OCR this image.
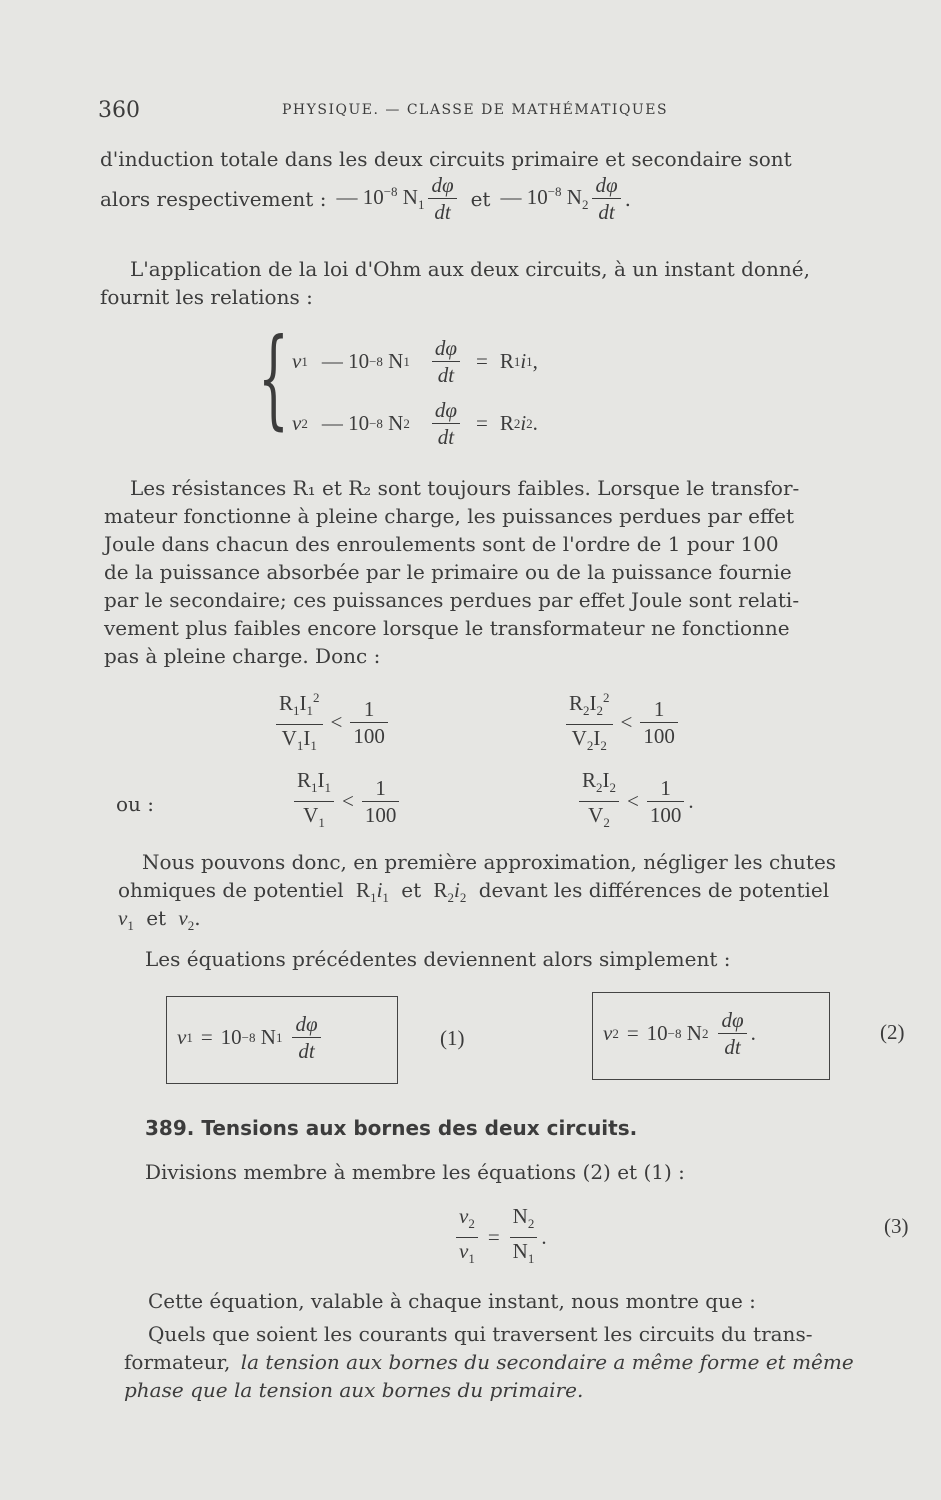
360	PHYSIQUE. — CLASSE DE MATHÉMATIQUES
d'induction totale dans les deux circuits primaire et secondaire sont
alors respectivement : — $10^{-8}$ $N_1 \frac{d\varphi}{dt}$ et — $10^{-8}$ $N_2 \frac{d\varphi}{dt}$ .
L'application de la loi d'Ohm aux deux circuits, à un instant donné,
fournit les relations :
{ v 1 — 10 −8
N $1 \frac{d\varphi}{dt} = R$ 1 i 1 ,
v 2 — 10 −8
N $2 \frac{d\varphi}{dt} = R$ 2 i 2 .
Les résistances R₁ et R₂ sont toujours faibles. Lorsque le transfor-
mateur fonctionne à pleine charge, les puissances perdues par effet
Joule dans chacun des enroulements sont de l'ordre de 1 pour 100
de la puissance absorbée par le primaire ou de la puissance fournie
par le secondaire; ces puissances perdues par effet Joule sont relati-
vement plus faibles encore lorsque le transformateur ne fonctionne
pas à pleine charge. Donc :
$\frac{R_1I_1^2}{V_1I_1} < \frac{1}{100}$	$\frac{R_2I_2^2}{V_2I_2} < \frac{1}{100}$
ou :	$\frac{R_1I_1}{V_1} < \frac{1}{100}$	$\frac{R_2I_2}{V_2} < \frac{1}{100}$ .
Nous pouvons donc, en première approximation, négliger les chutes
ohmiques de potentiel $R_1i_1$ et $R_2i_2$ devant les différences de potentiel
$v_1$ et $v_2$.
Les équations précédentes deviennent alors simplement :
v 1 = 10 −8
N $1 \frac{d\varphi}{dt}$	(1)	v 2 = 10 −8
N $2 \frac{d\varphi}{dt}$ .	(2)
389. Tensions aux bornes des deux circuits.
Divisions membre à membre les équations (2) et (1) :
$\frac{v_2}{v_1} = \frac{N_2}{N_1}$ .	(3)
Cette équation, valable à chaque instant, nous montre que :
Quels que soient les courants qui traversent les circuits du trans-
formateur, la tension aux bornes du secondaire a même forme et même
phase que la tension aux bornes du primaire.
